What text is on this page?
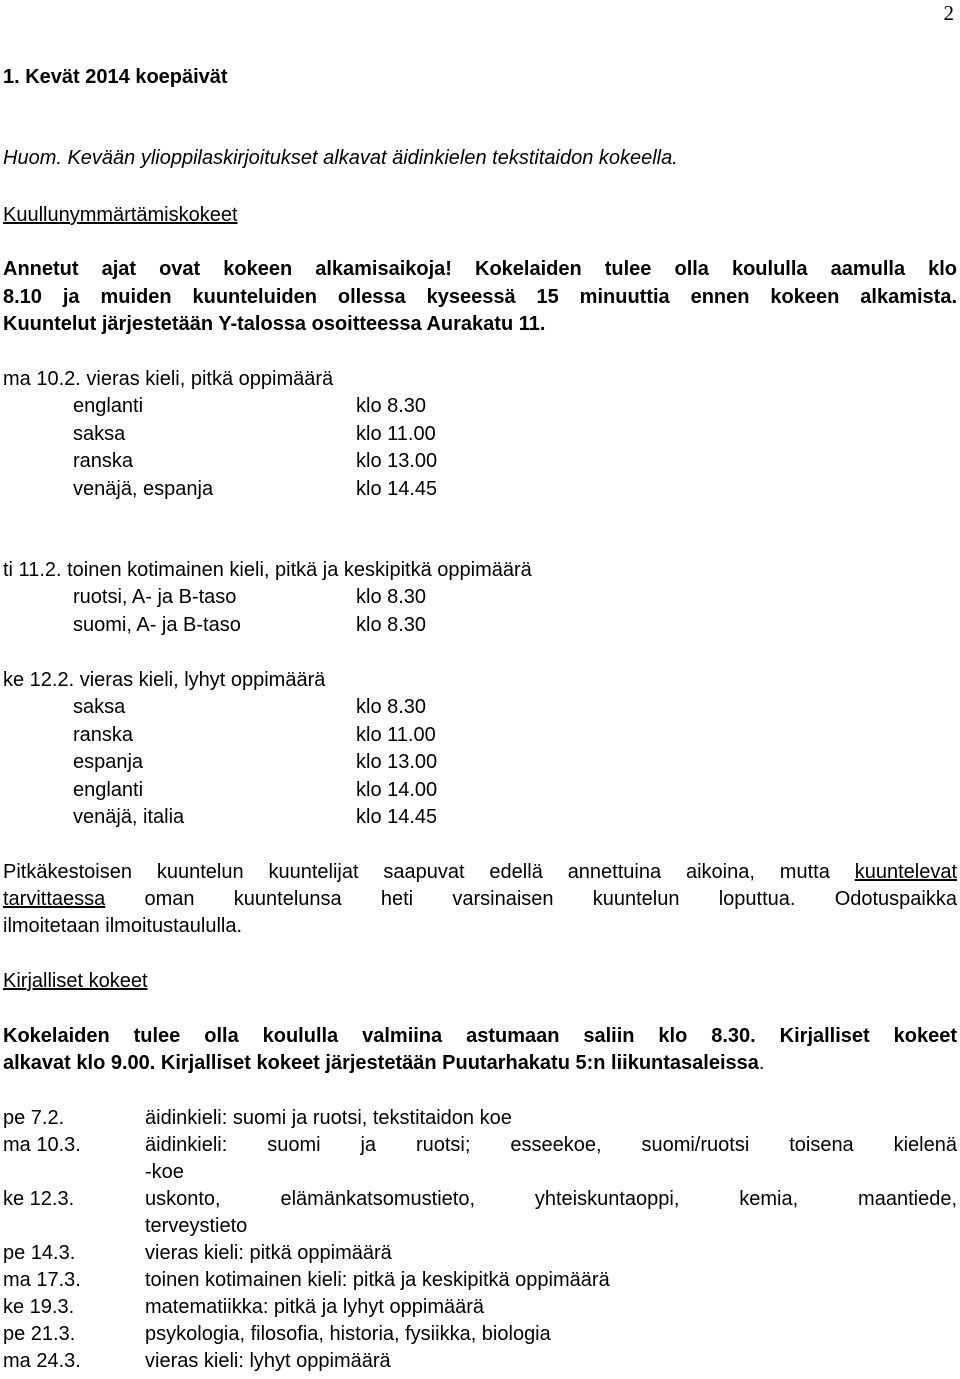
2
1. Kevät 2014 koepäivät
Huom. Kevään ylioppilaskirjoitukset alkavat äidinkielen tekstitaidon kokeella.
Kuullunymmärtämiskokeet
Annetut ajat ovat kokeen alkamisaikoja! Kokelaiden tulee olla koululla aamulla klo
8.10 ja muiden kuunteluiden ollessa kyseessä 15 minuuttia ennen kokeen alkamista.
Kuuntelut järjestetään Y-talossa osoitteessa Aurakatu 11.
ma 10.2. vieras kieli, pitkä oppimäärä
englanti	klo 8.30
saksa	klo 11.00
ranska	klo 13.00
venäjä, espanja	klo 14.45
ti 11.2. toinen kotimainen kieli, pitkä ja keskipitkä oppimäärä
ruotsi, A- ja B-taso	klo 8.30
suomi, A- ja B-taso	klo 8.30
ke 12.2. vieras kieli, lyhyt oppimäärä
saksa	klo 8.30
ranska	klo 11.00
espanja	klo 13.00
englanti	klo 14.00
venäjä, italia	klo 14.45
Pitkäkestoisen kuuntelun kuuntelijat saapuvat edellä annettuina aikoina, mutta kuuntelevat
tarvittaessa oman kuuntelunsa heti varsinaisen kuuntelun loputtua. Odotuspaikka
ilmoitetaan ilmoitustaululla.
Kirjalliset kokeet
Kokelaiden tulee olla koululla valmiina astumaan saliin klo 8.30. Kirjalliset kokeet
alkavat klo 9.00. Kirjalliset kokeet järjestetään Puutarhakatu 5:n liikuntasaleissa.
pe 7.2.	äidinkieli: suomi ja ruotsi, tekstitaidon koe
ma 10.3.	äidinkieli: suomi ja ruotsi; esseekoe, suomi/ruotsi toisena kielenä
-koe
ke 12.3.	uskonto, elämänkatsomustieto, yhteiskuntaoppi, kemia, maantiede,
terveystieto
pe 14.3.	vieras kieli: pitkä oppimäärä
ma 17.3.	toinen kotimainen kieli: pitkä ja keskipitkä oppimäärä
ke 19.3.	matematiikka: pitkä ja lyhyt oppimäärä
pe 21.3.	psykologia, filosofia, historia, fysiikka, biologia
ma 24.3.	vieras kieli: lyhyt oppimäärä
